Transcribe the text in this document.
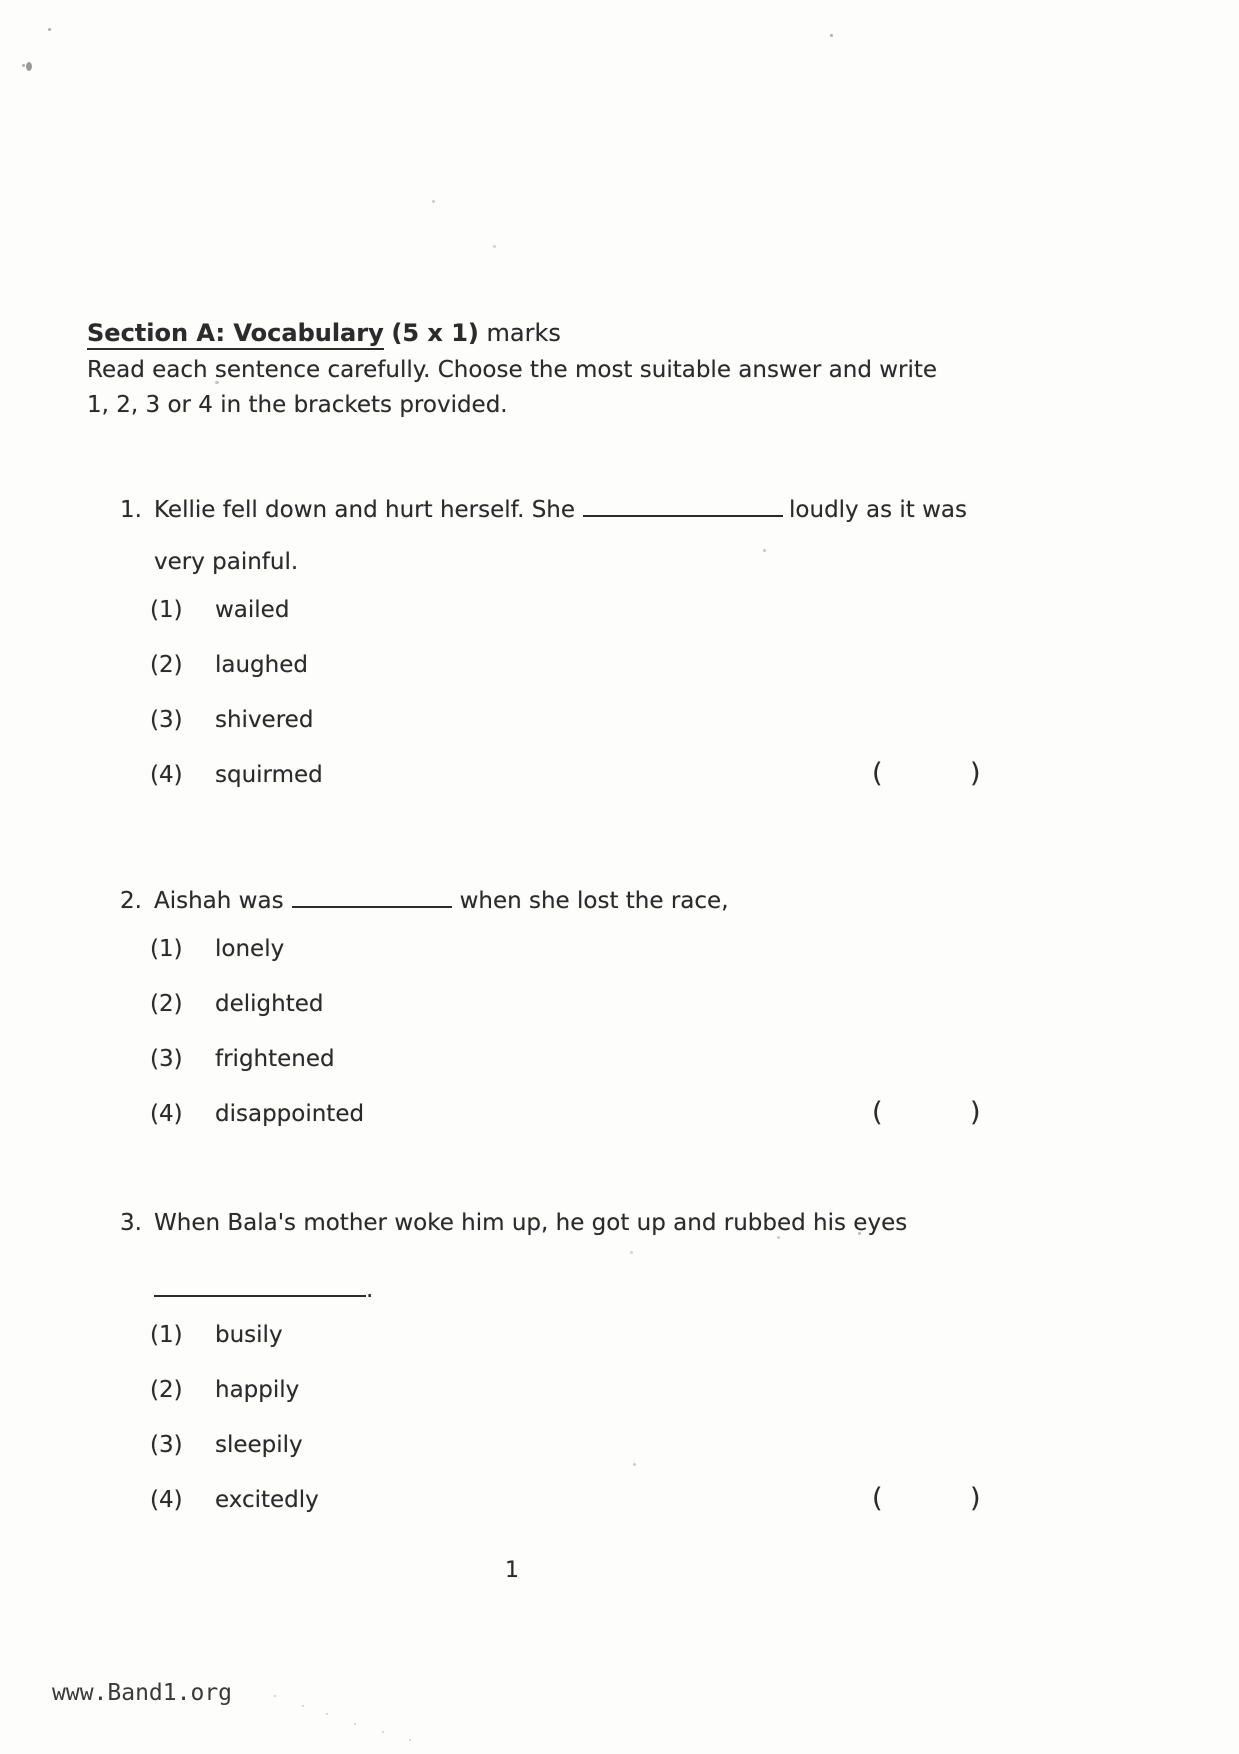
Section A: Vocabulary (5 x 1) marks
Read each sentence carefully. Choose the most suitable answer and write
1, 2, 3 or 4 in the brackets provided.
1. Kellie fell down and hurt herself. She	loudly as it was
very painful.
(1) wailed
(2) laughed
(3) shivered
(4) squirmed	(	)
2. Aishah was	when she lost the race,
(1) lonely
(2) delighted
(3) frightened
(4) disappointed	(	)
3. When Bala's mother woke him up, he got up and rubbed his eyes
.
(1) busily
(2) happily
(3) sleepily
(4) excitedly	(	)
1
www.Band1.org
